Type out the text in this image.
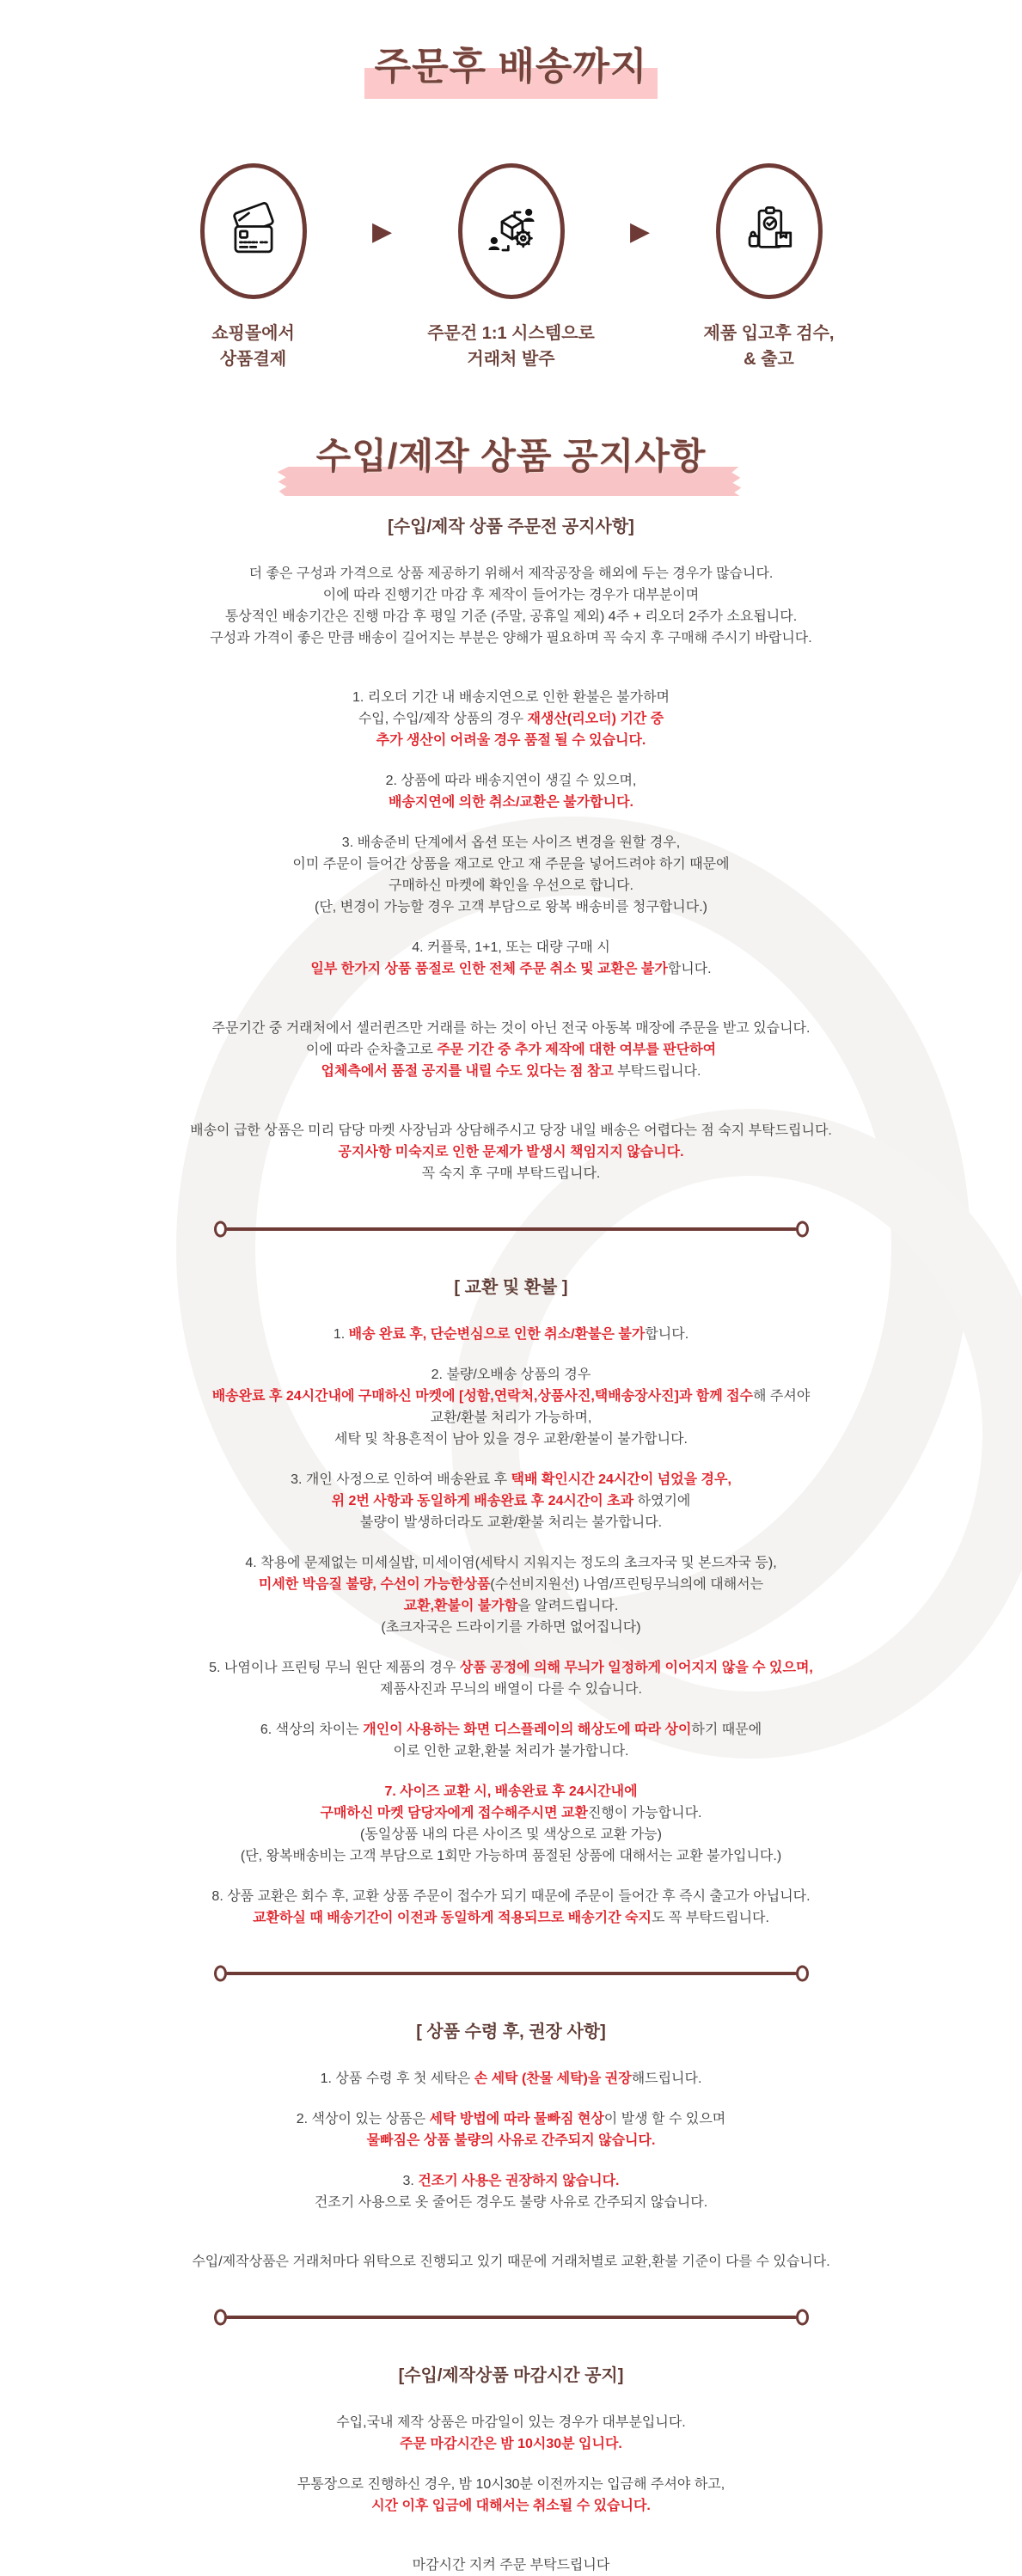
주문후 배송까지
쇼핑몰에서
상품결제
▶
주문건 1:1 시스템으로
거래처 발주
▶
제품 입고후 검수,
& 출고
수입/제작 상품 공지사항
[수입/제작 상품 주문전 공지사항]
더 좋은 구성과 가격으로 상품 제공하기 위해서 제작공장을 해외에 두는 경우가 많습니다.
이에 따라 진행기간 마감 후 제작이 들어가는 경우가 대부분이며
통상적인 배송기간은 진행 마감 후 평일 기준 (주말, 공휴일 제외) 4주 + 리오더 2주가 소요됩니다.
구성과 가격이 좋은 만큼 배송이 길어지는 부분은 양해가 필요하며 꼭 숙지 후 구매해 주시기 바랍니다.
1. 리오더 기간 내 배송지연으로 인한 환불은 불가하며
수입, 수입/제작 상품의 경우 재생산(리오더) 기간 중
추가 생산이 어려울 경우 품절 될 수 있습니다.
2. 상품에 따라 배송지연이 생길 수 있으며,
배송지연에 의한 취소/교환은 불가합니다.
3. 배송준비 단계에서 옵션 또는 사이즈 변경을 원할 경우,
이미 주문이 들어간 상품을 재고로 안고 재 주문을 넣어드려야 하기 때문에
구매하신 마켓에 확인을 우선으로 합니다.
(단, 변경이 가능할 경우 고객 부담으로 왕복 배송비를 청구합니다.)
4. 커플룩, 1+1, 또는 대량 구매 시
일부 한가지 상품 품절로 인한 전체 주문 취소 및 교환은 불가합니다.
주문기간 중 거래처에서 셀러퀸즈만 거래를 하는 것이 아닌 전국 아동복 매장에 주문을 받고 있습니다.
이에 따라 순차출고로 주문 기간 중 추가 제작에 대한 여부를 판단하여
업체측에서 품절 공지를 내릴 수도 있다는 점 참고 부탁드립니다.
배송이 급한 상품은 미리 담당 마켓 사장님과 상담해주시고 당장 내일 배송은 어렵다는 점 숙지 부탁드립니다.
공지사항 미숙지로 인한 문제가 발생시 책임지지 않습니다.
꼭 숙지 후 구매 부탁드립니다.
[ 교환 및 환불 ]
1. 배송 완료 후, 단순변심으로 인한 취소/환불은 불가합니다.
2. 불량/오배송 상품의 경우
배송완료 후 24시간내에 구매하신 마켓에 [성함,연락처,상품사진,택배송장사진]과 함께 접수해 주셔야
교환/환불 처리가 가능하며,
세탁 및 착용흔적이 남아 있을 경우 교환/환불이 불가합니다.
3. 개인 사정으로 인하여 배송완료 후 택배 확인시간 24시간이 넘었을 경우,
위 2번 사항과 동일하게 배송완료 후 24시간이 초과 하였기에
불량이 발생하더라도 교환/환불 처리는 불가합니다.
4. 착용에 문제없는 미세실밥, 미세이염(세탁시 지워지는 정도의 초크자국 및 본드자국 등),
미세한 박음질 불량, 수선이 가능한상품(수선비지원선) 나염/프린팅무늬의에 대해서는
교환,환불이 불가함을 알려드립니다.
(초크자국은 드라이기를 가하면 없어집니다)
5. 나염이나 프린팅 무늬 원단 제품의 경우 상품 공정에 의해 무늬가 일정하게 이어지지 않을 수 있으며,
제품사진과 무늬의 배열이 다를 수 있습니다.
6. 색상의 차이는 개인이 사용하는 화면 디스플레이의 해상도에 따라 상이하기 때문에
이로 인한 교환,환불 처리가 불가합니다.
7. 사이즈 교환 시, 배송완료 후 24시간내에
구매하신 마켓 담당자에게 접수해주시면 교환진행이 가능합니다.
(동일상품 내의 다른 사이즈 및 색상으로 교환 가능)
(단, 왕복배송비는 고객 부담으로 1회만 가능하며 품절된 상품에 대해서는 교환 불가입니다.)
8. 상품 교환은 회수 후, 교환 상품 주문이 접수가 되기 때문에 주문이 들어간 후 즉시 출고가 아닙니다.
교환하실 때 배송기간이 이전과 동일하게 적용되므로 배송기간 숙지도 꼭 부탁드립니다.
[ 상품 수령 후, 권장 사항]
1. 상품 수령 후 첫 세탁은 손 세탁 (찬물 세탁)을 권장해드립니다.
2. 색상이 있는 상품은 세탁 방법에 따라 물빠짐 현상이 발생 할 수 있으며
물빠짐은 상품 불량의 사유로 간주되지 않습니다.
3. 건조기 사용은 권장하지 않습니다.
건조기 사용으로 옷 줄어든 경우도 불량 사유로 간주되지 않습니다.
수입/제작상품은 거래처마다 위탁으로 진행되고 있기 때문에 거래처별로 교환,환불 기준이 다를 수 있습니다.
[수입/제작상품 마감시간 공지]
수입,국내 제작 상품은 마감일이 있는 경우가 대부분입니다.
주문 마감시간은 밤 10시30분 입니다.
무통장으로 진행하신 경우, 밤 10시30분 이전까지는 입금해 주셔야 하고,
시간 이후 입금에 대해서는 취소될 수 있습니다.
마감시간 지켜 주문 부탁드립니다
